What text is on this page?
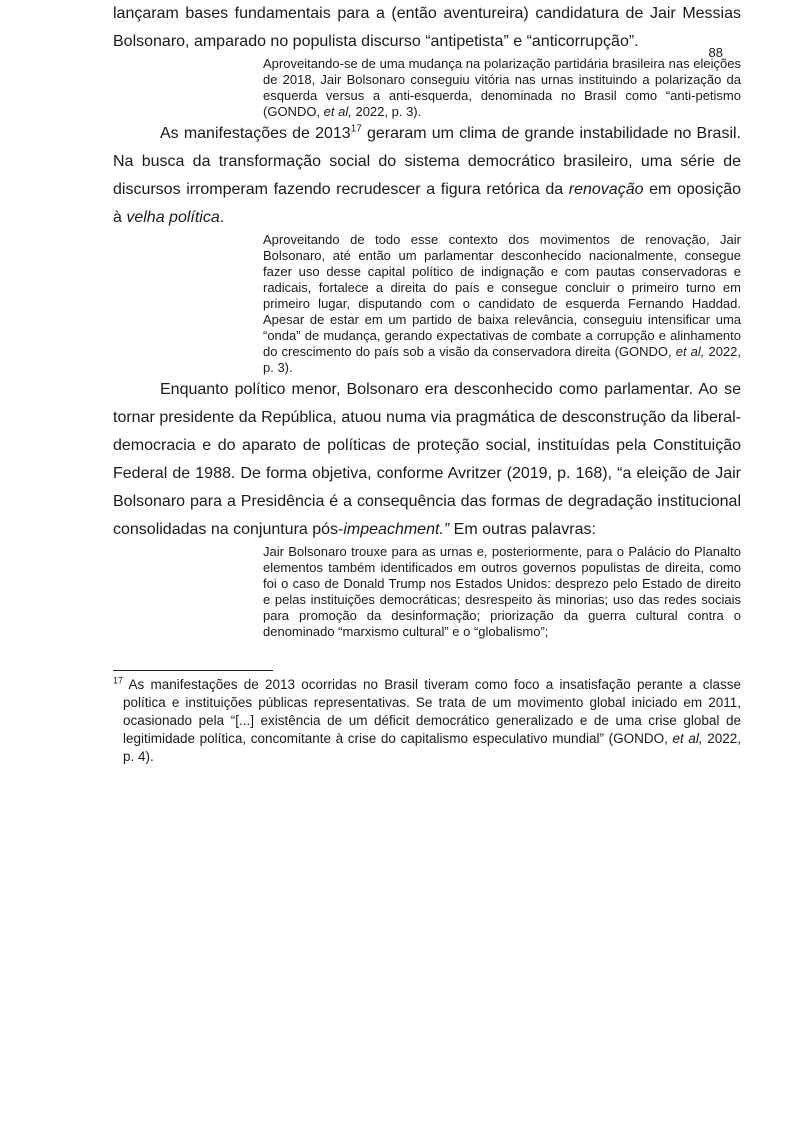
88

lançaram bases fundamentais para a (então aventureira) candidatura de Jair Messias Bolsonaro, amparado no populista discurso “antipetista” e “anticorrupção”.

Aproveitando-se de uma mudança na polarização partidária brasileira nas eleições de 2018, Jair Bolsonaro conseguiu vitória nas urnas instituindo a polarização da esquerda versus a anti-esquerda, denominada no Brasil como “anti-petismo (GONDO, et al, 2022, p. 3).

As manifestações de 2013$^{17}$ geraram um clima de grande instabilidade no Brasil. Na busca da transformação social do sistema democrático brasileiro, uma série de discursos irromperam fazendo recrudescer a figura retórica da renovação em oposição à velha política.

Aproveitando de todo esse contexto dos movimentos de renovação, Jair Bolsonaro, até então um parlamentar desconhecido nacionalmente, consegue fazer uso desse capital político de indignação e com pautas conservadoras e radicais, fortalece a direita do país e consegue concluir o primeiro turno em primeiro lugar, disputando com o candidato de esquerda Fernando Haddad. Apesar de estar em um partido de baixa relevância, conseguiu intensificar uma “onda” de mudança, gerando expectativas de combate a corrupção e alinhamento do crescimento do país sob a visão da conservadora direita (GONDO, et al, 2022, p. 3).

Enquanto político menor, Bolsonaro era desconhecido como parlamentar. Ao se tornar presidente da República, atuou numa via pragmática de desconstrução da liberal-democracia e do aparato de políticas de proteção social, instituídas pela Constituição Federal de 1988. De forma objetiva, conforme Avritzer (2019, p. 168), “a eleição de Jair Bolsonaro para a Presidência é a consequência das formas de degradação institucional consolidadas na conjuntura pós-impeachment.” Em outras palavras:

Jair Bolsonaro trouxe para as urnas e, posteriormente, para o Palácio do Planalto elementos também identificados em outros governos populistas de direita, como foi o caso de Donald Trump nos Estados Unidos: desprezo pelo Estado de direito e pelas instituições democráticas; desrespeito às minorias; uso das redes sociais para promoção da desinformação; priorização da guerra cultural contra o denominado “marxismo cultural” e o “globalismo”;

$^{17}$ As manifestações de 2013 ocorridas no Brasil tiveram como foco a insatisfação perante a classe política e instituições públicas representativas. Se trata de um movimento global iniciado em 2011, ocasionado pela “[...] existência de um déficit democrático generalizado e de uma crise global de legitimidade política, concomitante à crise do capitalismo especulativo mundial” (GONDO, et al, 2022, p. 4).
